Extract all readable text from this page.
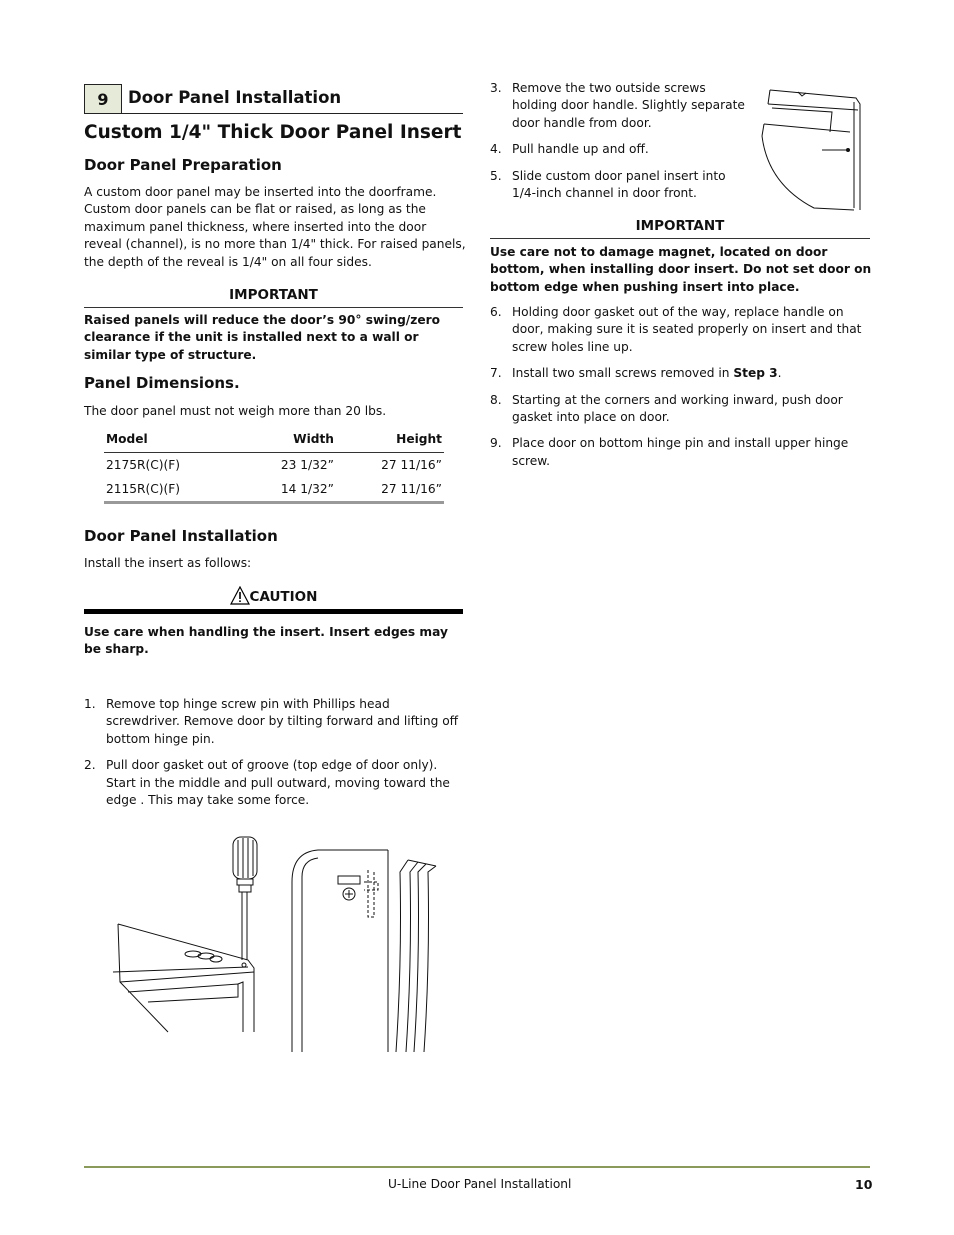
9 Door Panel Installation
Custom 1/4" Thick Door Panel Insert
Door Panel Preparation
A custom door panel may be inserted into the doorframe. Custom door panels can be flat or raised, as long as the maximum panel thickness, where inserted into the door reveal (channel), is no more than 1/4" thick. For raised panels, the depth of the reveal is 1/4" on all four sides.
IMPORTANT
Raised panels will reduce the door’s 90° swing/zero clearance if the unit is installed next to a wall or similar type of structure.
Panel Dimensions.
The door panel must not weigh more than 20 lbs.
Model	Width	Height
2175R(C)(F)	23 1/32”	27 11/16”
2115R(C)(F)	14 1/32”	27 11/16”
Door Panel Installation
Install the insert as follows:
CAUTION
Use care when handling the insert. Insert edges may be sharp.
1. Remove top hinge screw pin with Phillips head screwdriver. Remove door by tilting forward and lifting off bottom hinge pin.
2. Pull door gasket out of groove (top edge of door only). Start in the middle and pull outward, moving toward the edge . This may take some force.
3. Remove the two outside screws holding door handle. Slightly separate door handle from door.
4. Pull handle up and off.
5. Slide custom door panel insert into 1/4-inch channel in door front.
IMPORTANT
Use care not to damage magnet, located on door bottom, when installing door insert. Do not set door on bottom edge when pushing insert into place.
6. Holding door gasket out of the way, replace handle on door, making sure it is seated properly on insert and that screw holes line up.
7. Install two small screws removed in Step 3.
8. Starting at the corners and working inward, push door gasket into place on door.
9. Place door on bottom hinge pin and install upper hinge screw.
U-Line Door Panel Installationl	10
